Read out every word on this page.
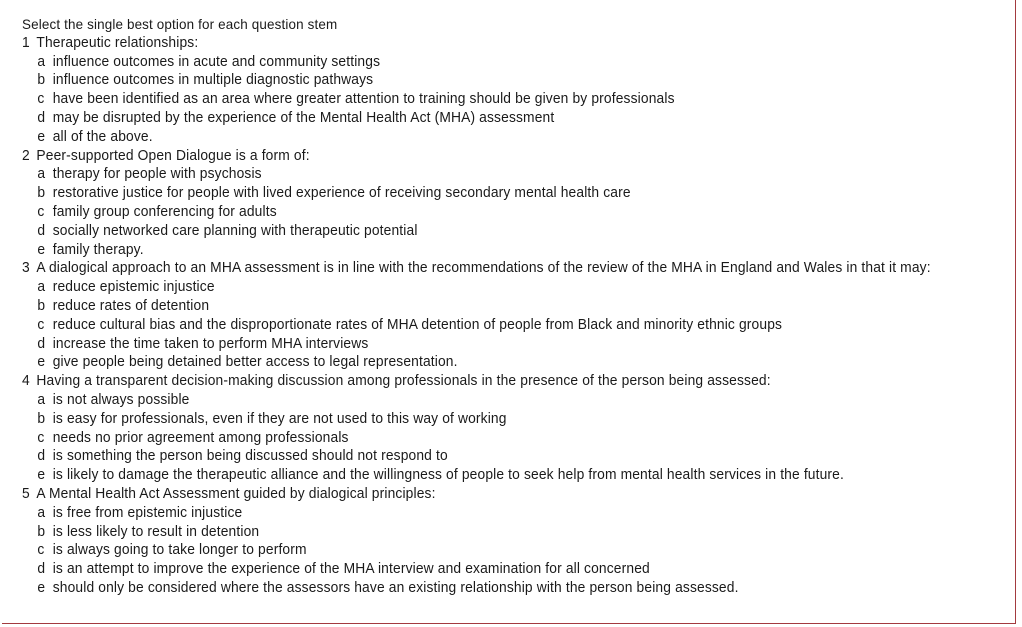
Select the single best option for each question stem
1 Therapeutic relationships:
a influence outcomes in acute and community settings
b influence outcomes in multiple diagnostic pathways
c have been identified as an area where greater attention to training should be given by professionals
d may be disrupted by the experience of the Mental Health Act (MHA) assessment
e all of the above.
2 Peer-supported Open Dialogue is a form of:
a therapy for people with psychosis
b restorative justice for people with lived experience of receiving secondary mental health care
c family group conferencing for adults
d socially networked care planning with therapeutic potential
e family therapy.
3 A dialogical approach to an MHA assessment is in line with the recommendations of the review of the MHA in England and Wales in that it may:
a reduce epistemic injustice
b reduce rates of detention
c reduce cultural bias and the disproportionate rates of MHA detention of people from Black and minority ethnic groups
d increase the time taken to perform MHA interviews
e give people being detained better access to legal representation.
4 Having a transparent decision-making discussion among professionals in the presence of the person being assessed:
a is not always possible
b is easy for professionals, even if they are not used to this way of working
c needs no prior agreement among professionals
d is something the person being discussed should not respond to
e is likely to damage the therapeutic alliance and the willingness of people to seek help from mental health services in the future.
5 A Mental Health Act Assessment guided by dialogical principles:
a is free from epistemic injustice
b is less likely to result in detention
c is always going to take longer to perform
d is an attempt to improve the experience of the MHA interview and examination for all concerned
e should only be considered where the assessors have an existing relationship with the person being assessed.
